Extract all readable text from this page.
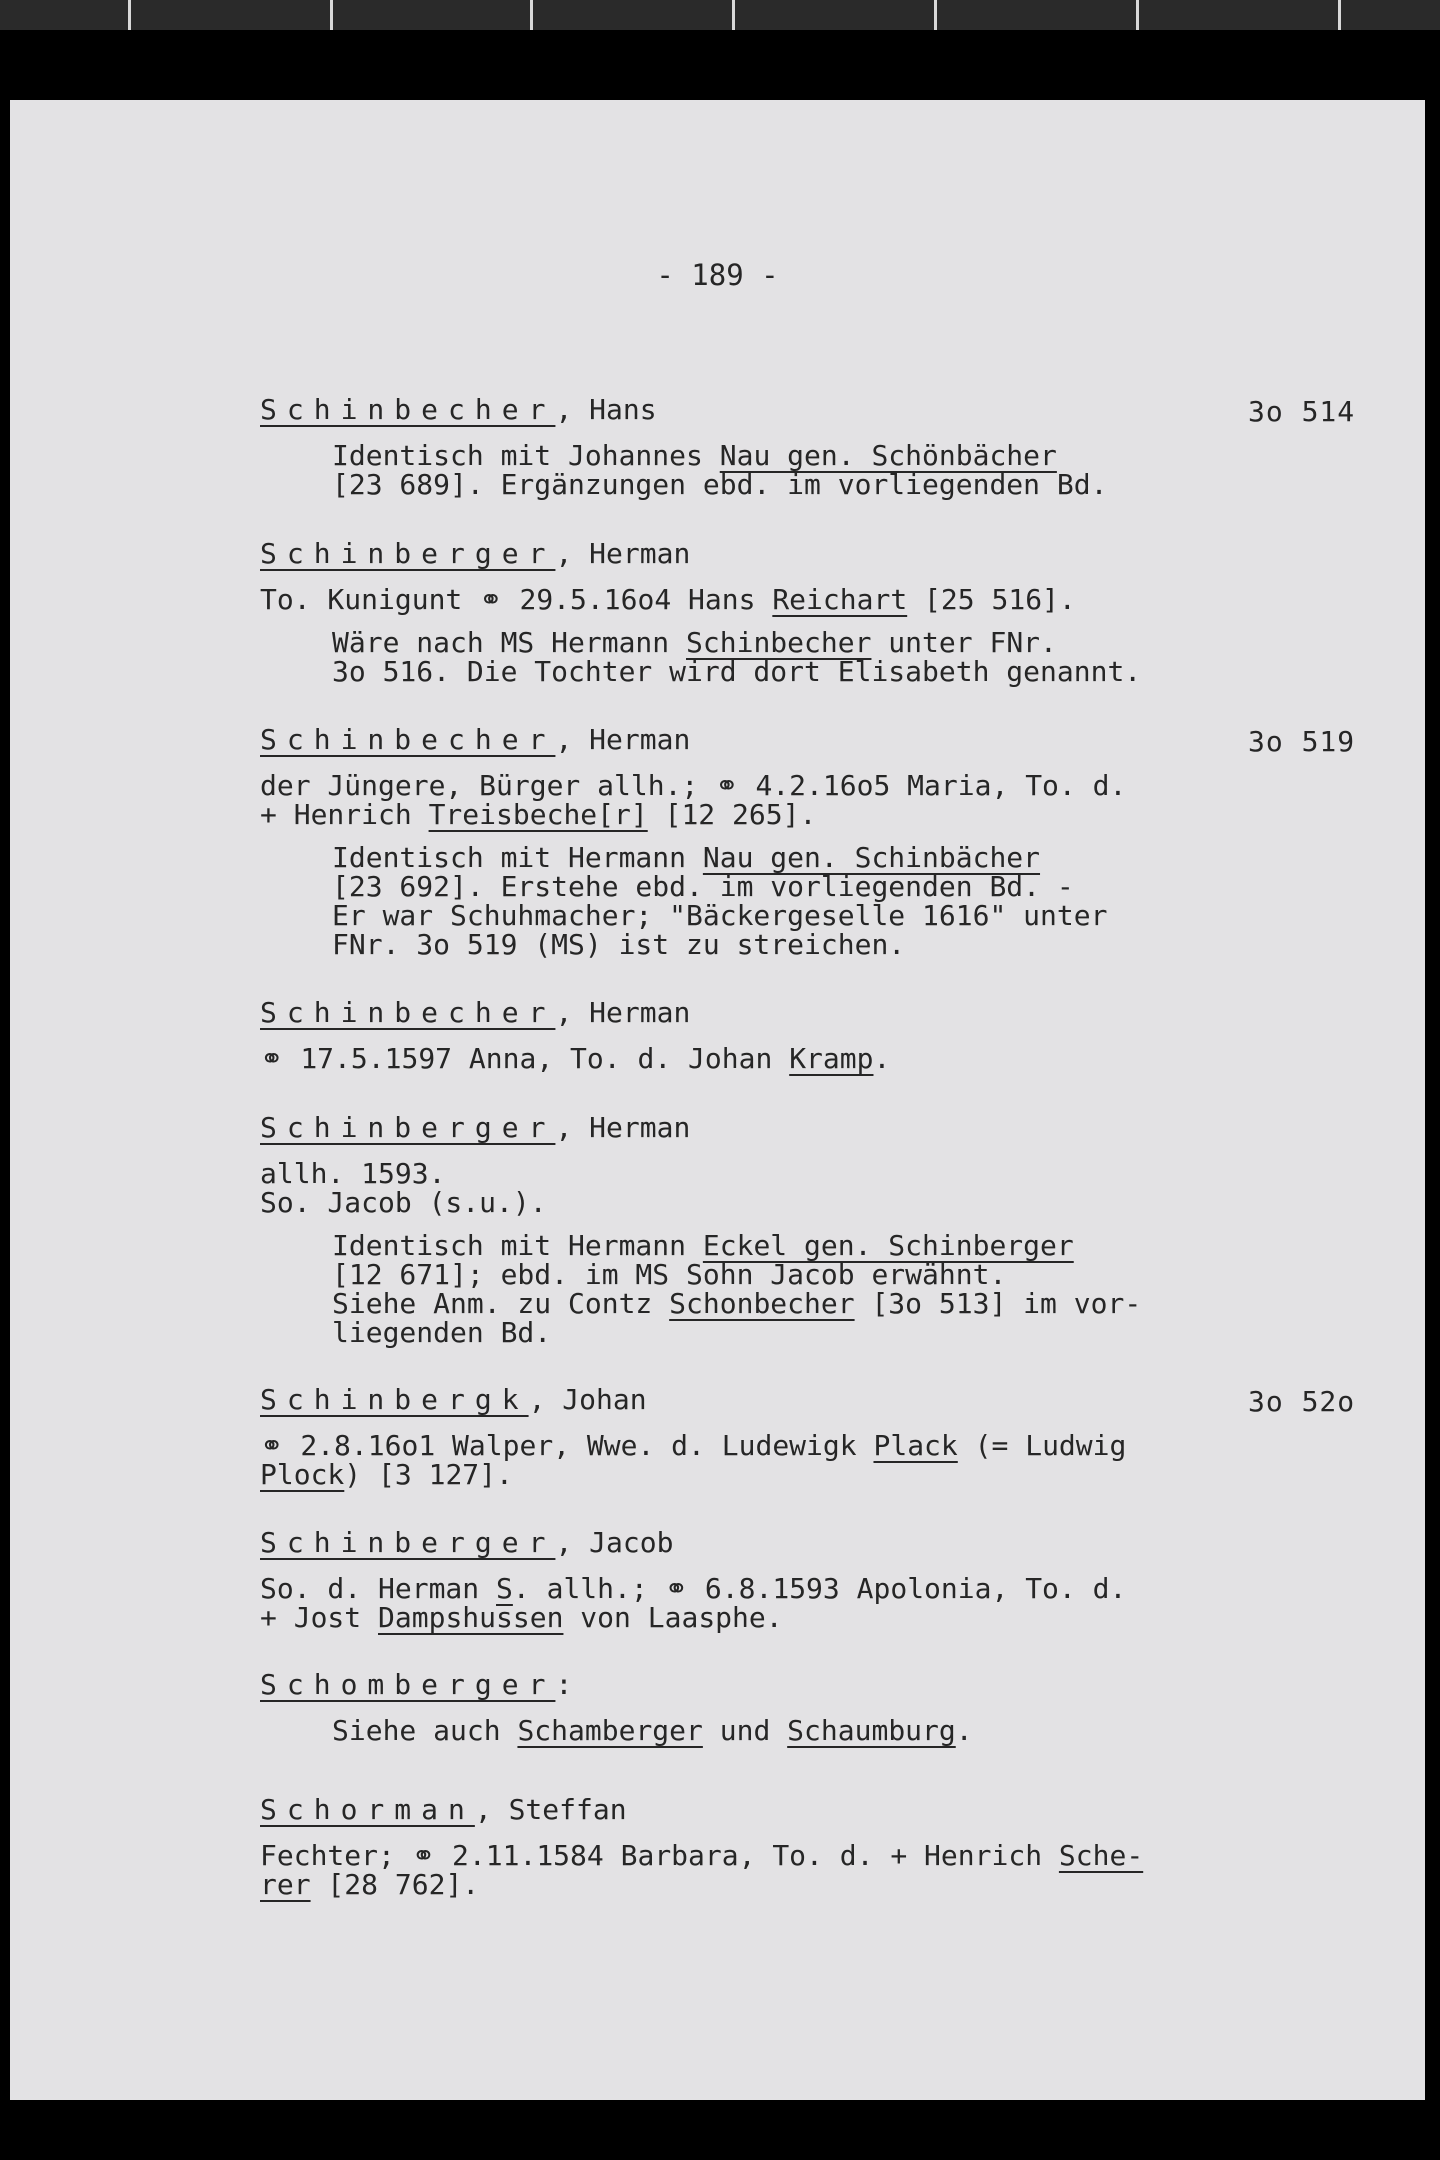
- 189 -
Schinbecher, Hans
Identisch mit Johannes Nau gen. Schönbächer
[23 689]. Ergänzungen ebd. im vorliegenden Bd.
3o 514
Schinberger, Herman
To. Kunigunt ⚭ 29.5.16o4 Hans Reichart [25 516].
Wäre nach MS Hermann Schinbecher unter FNr.
3o 516. Die Tochter wird dort Elisabeth genannt.
Schinbecher, Herman
der Jüngere, Bürger allh.; ⚭ 4.2.16o5 Maria, To. d.
+ Henrich Treisbeche[r] [12 265].
Identisch mit Hermann Nau gen. Schinbächer
[23 692]. Erstehe ebd. im vorliegenden Bd. -
Er war Schuhmacher; "Bäckergeselle 1616" unter
FNr. 3o 519 (MS) ist zu streichen.
3o 519
Schinbecher, Herman
⚭ 17.5.1597 Anna, To. d. Johan Kramp.
Schinberger, Herman
allh. 1593.
So. Jacob (s.u.).
Identisch mit Hermann Eckel gen. Schinberger
[12 671]; ebd. im MS Sohn Jacob erwähnt.
Siehe Anm. zu Contz Schonbecher [3o 513] im vor-
liegenden Bd.
Schinbergk, Johan
⚭ 2.8.16o1 Walper, Wwe. d. Ludewigk Plack (= Ludwig
Plock) [3 127].
3o 52o
Schinberger, Jacob
So. d. Herman S. allh.; ⚭ 6.8.1593 Apolonia, To. d.
+ Jost Dampshussen von Laasphe.
Schomberger:
Siehe auch Schamberger und Schaumburg.
Schorman, Steffan
Fechter; ⚭ 2.11.1584 Barbara, To. d. + Henrich Sche-
rer [28 762].
